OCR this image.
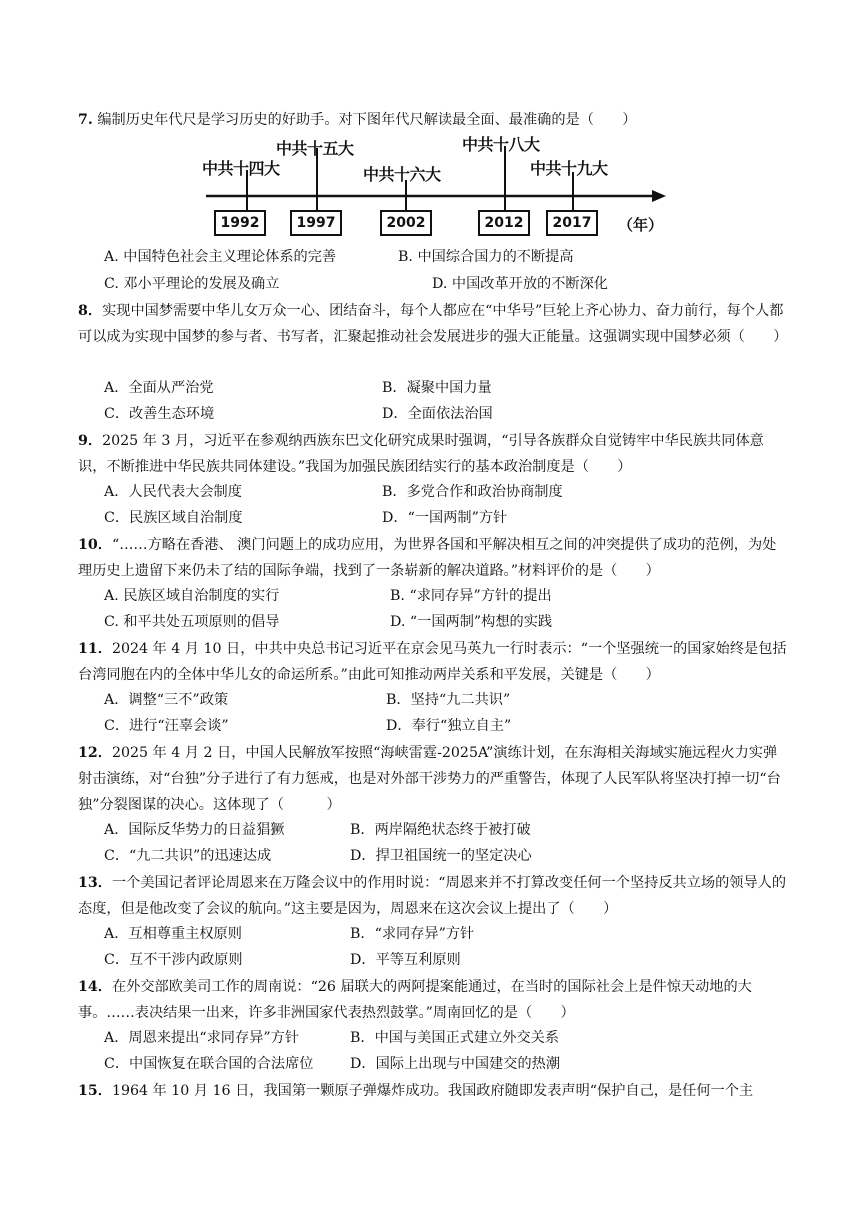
7. 编制历史年代尺是学习历史的好助手。对下图年代尺解读最全面、最准确的是（　　）
中共十四大
中共十五大
中共十六大
中共十八大
中共十九大
1992	1997	2002	2012	2017	（年）
A. 中国特色社会主义理论体系的完善	B. 中国综合国力的不断提高
C. 邓小平理论的发展及确立	D. 中国改革开放的不断深化
8．实现中国梦需要中华儿女万众一心、团结奋斗，每个人都应在“中华号”巨轮上齐心协力、奋力前行，每个人都可以成为实现中国梦的参与者、书写者，汇聚起推动社会发展进步的强大正能量。这强调实现中国梦必须（　　）
A．全面从严治党	B．凝聚中国力量
C．改善生态环境	D．全面依法治国
9．2025 年 3 月，习近平在参观纳西族东巴文化研究成果时强调，“引导各族群众自觉铸牢中华民族共同体意识，不断推进中华民族共同体建设。”我国为加强民族团结实行的基本政治制度是（　　）
A．人民代表大会制度	B．多党合作和政治协商制度
C．民族区域自治制度	D．“一国两制”方针
10．“……方略在香港、 澳门问题上的成功应用，为世界各国和平解决相互之间的冲突提供了成功的范例，为处理历史上遗留下来仍未了结的国际争端，找到了一条崭新的解决道路。”材料评价的是（　　）
A. 民族区域自治制度的实行	B. “求同存异”方针的提出
C. 和平共处五项原则的倡导	D. “一国两制”构想的实践
11．2024 年 4 月 10 日，中共中央总书记习近平在京会见马英九一行时表示：“一个坚强统一的国家始终是包括台湾同胞在内的全体中华儿女的命运所系。”由此可知推动两岸关系和平发展，关键是（　　）
A．调整“三不”政策	B．坚持“九二共识”
C．进行“汪辜会谈”	D．奉行“独立自主”
12．2025 年 4 月 2 日，中国人民解放军按照“海峡雷霆-2025A”演练计划，在东海相关海域实施远程火力实弹射击演练，对“台独”分子进行了有力惩戒，也是对外部干涉势力的严重警告，体现了人民军队将坚决打掉一切“台独”分裂图谋的决心。这体现了（　　　）
A．国际反华势力的日益猖獗	B．两岸隔绝状态终于被打破
C．“九二共识”的迅速达成	D．捍卫祖国统一的坚定决心
13．一个美国记者评论周恩来在万隆会议中的作用时说：“周恩来并不打算改变任何一个坚持反共立场的领导人的态度，但是他改变了会议的航向。”这主要是因为，周恩来在这次会议上提出了（　　）
A．互相尊重主权原则	B．“求同存异”方针
C．互不干涉内政原则	D．平等互利原则
14．在外交部欧美司工作的周南说：“26 届联大的两阿提案能通过，在当时的国际社会上是件惊天动地的大事。……表决结果一出来，许多非洲国家代表热烈鼓掌。”周南回忆的是（　　）
A．周恩来提出“求同存异”方针	B．中国与美国正式建立外交关系
C．中国恢复在联合国的合法席位	D．国际上出现与中国建交的热潮
15．1964 年 10 月 16 日，我国第一颗原子弹爆炸成功。我国政府随即发表声明“保护自己，是任何一个主
